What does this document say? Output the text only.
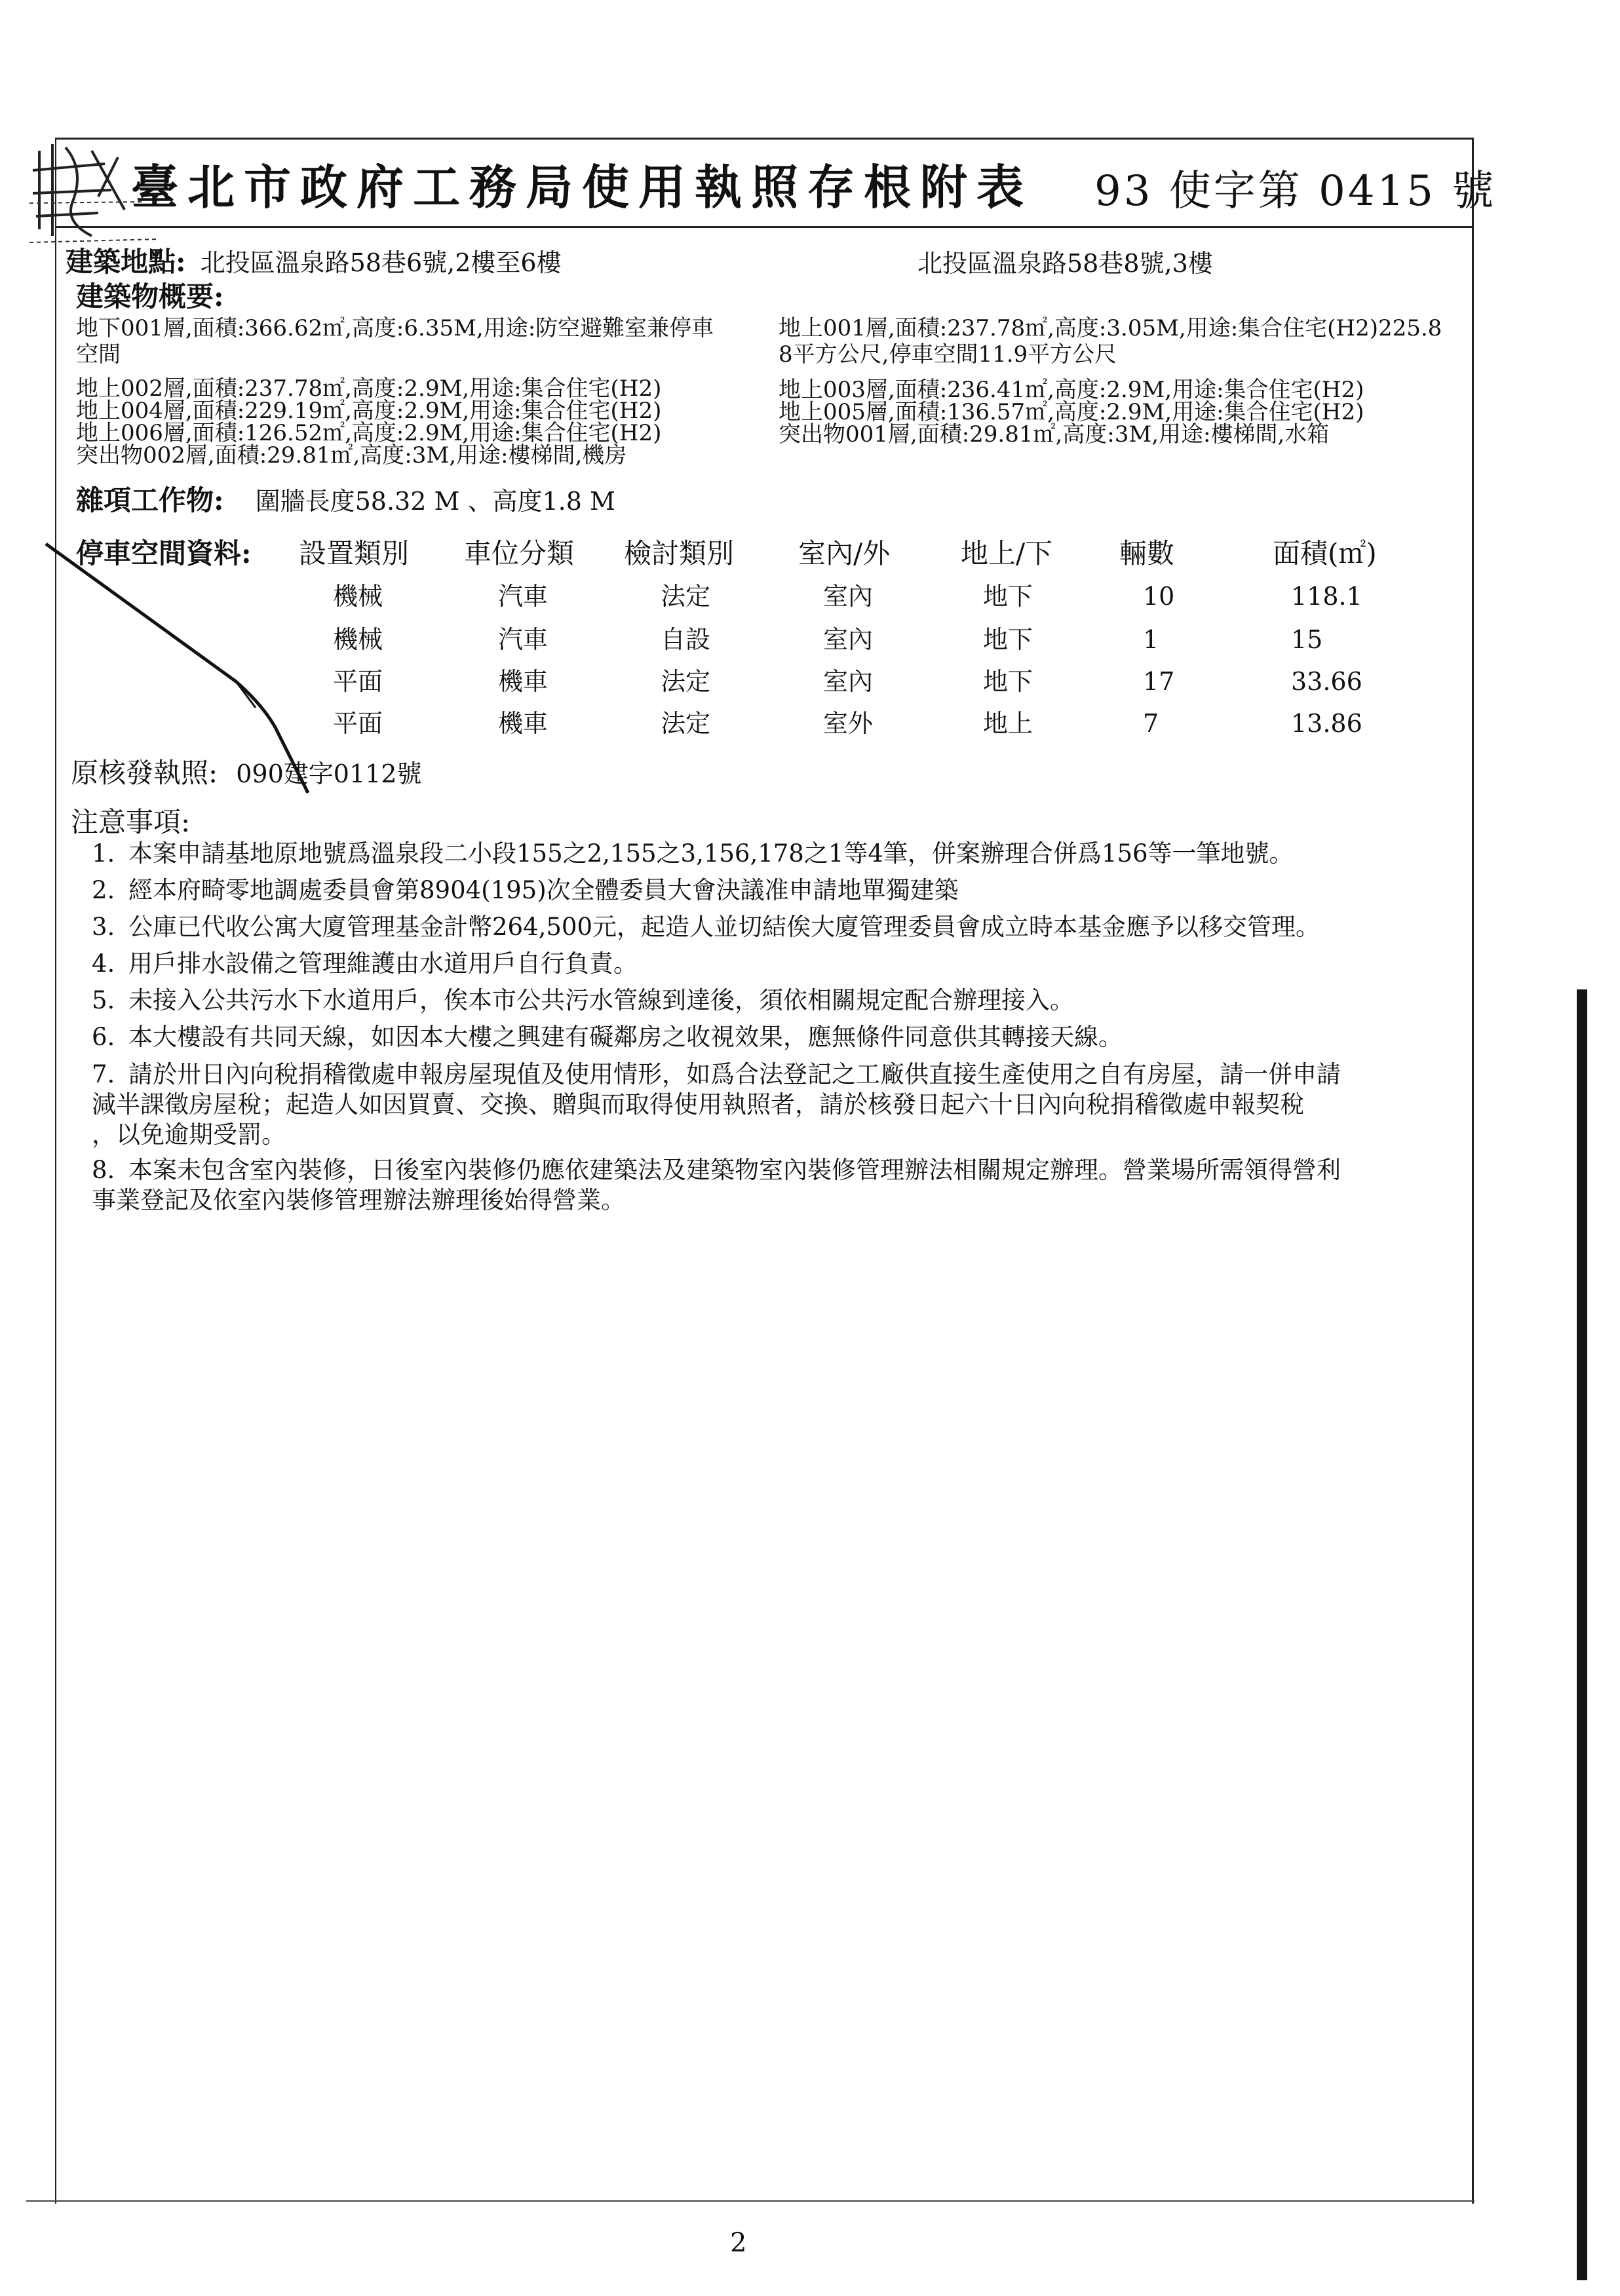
臺北市政府工務局使用執照存根附表 93 使字第 0415 號
建築地點: 北投區溫泉路58巷6號,2樓至6樓	北投區溫泉路58巷8號,3樓
建築物概要:
地下001層,面積:366.62㎡,高度:6.35M,用途:防空避難室兼停車
空間
地上001層,面積:237.78㎡,高度:3.05M,用途:集合住宅(H2)225.8
8平方公尺,停車空間11.9平方公尺
地上002層,面積:237.78㎡,高度:2.9M,用途:集合住宅(H2)
地上004層,面積:229.19㎡,高度:2.9M,用途:集合住宅(H2)
地上006層,面積:126.52㎡,高度:2.9M,用途:集合住宅(H2)
突出物002層,面積:29.81㎡,高度:3M,用途:樓梯間,機房
地上003層,面積:236.41㎡,高度:2.9M,用途:集合住宅(H2)
地上005層,面積:136.57㎡,高度:2.9M,用途:集合住宅(H2)
突出物001層,面積:29.81㎡,高度:3M,用途:樓梯間,水箱
雜項工作物: 圍牆長度58.32 M 、高度1.8 M
停車空間資料: 設置類別 車位分類 檢討類別 室內/外	地上/下 輛數	面積(㎡)
機械	汽車	法定	室內	地下	10	118.1
機械	汽車	自設	室內	地下	1	15
平面	機車	法定	室內	地下	17	33.66
平面	機車	法定	室外	地上	7	13.86
原核發執照: 090建字0112號
注意事項:
1. 本案申請基地原地號爲溫泉段二小段155之2,155之3,156,178之1等4筆，併案辦理合併爲156等一筆地號。
2. 經本府畸零地調處委員會第8904(195)次全體委員大會決議准申請地單獨建築
3. 公庫已代收公寓大廈管理基金計幣264,500元，起造人並切結俟大廈管理委員會成立時本基金應予以移交管理。
4. 用戶排水設備之管理維護由水道用戶自行負責。
5. 未接入公共污水下水道用戶，俟本市公共污水管線到達後，須依相關規定配合辦理接入。
6. 本大樓設有共同天線，如因本大樓之興建有礙鄰房之收視效果，應無條件同意供其轉接天線。
7. 請於卅日內向稅捐稽徵處申報房屋現值及使用情形，如爲合法登記之工廠供直接生產使用之自有房屋，請一併申請
減半課徵房屋稅；起造人如因買賣、交換、贈與而取得使用執照者，請於核發日起六十日內向稅捐稽徵處申報契稅
，以免逾期受罰。
8. 本案未包含室內裝修，日後室內裝修仍應依建築法及建築物室內裝修管理辦法相關規定辦理。營業場所需領得營利
事業登記及依室內裝修管理辦法辦理後始得營業。
2
